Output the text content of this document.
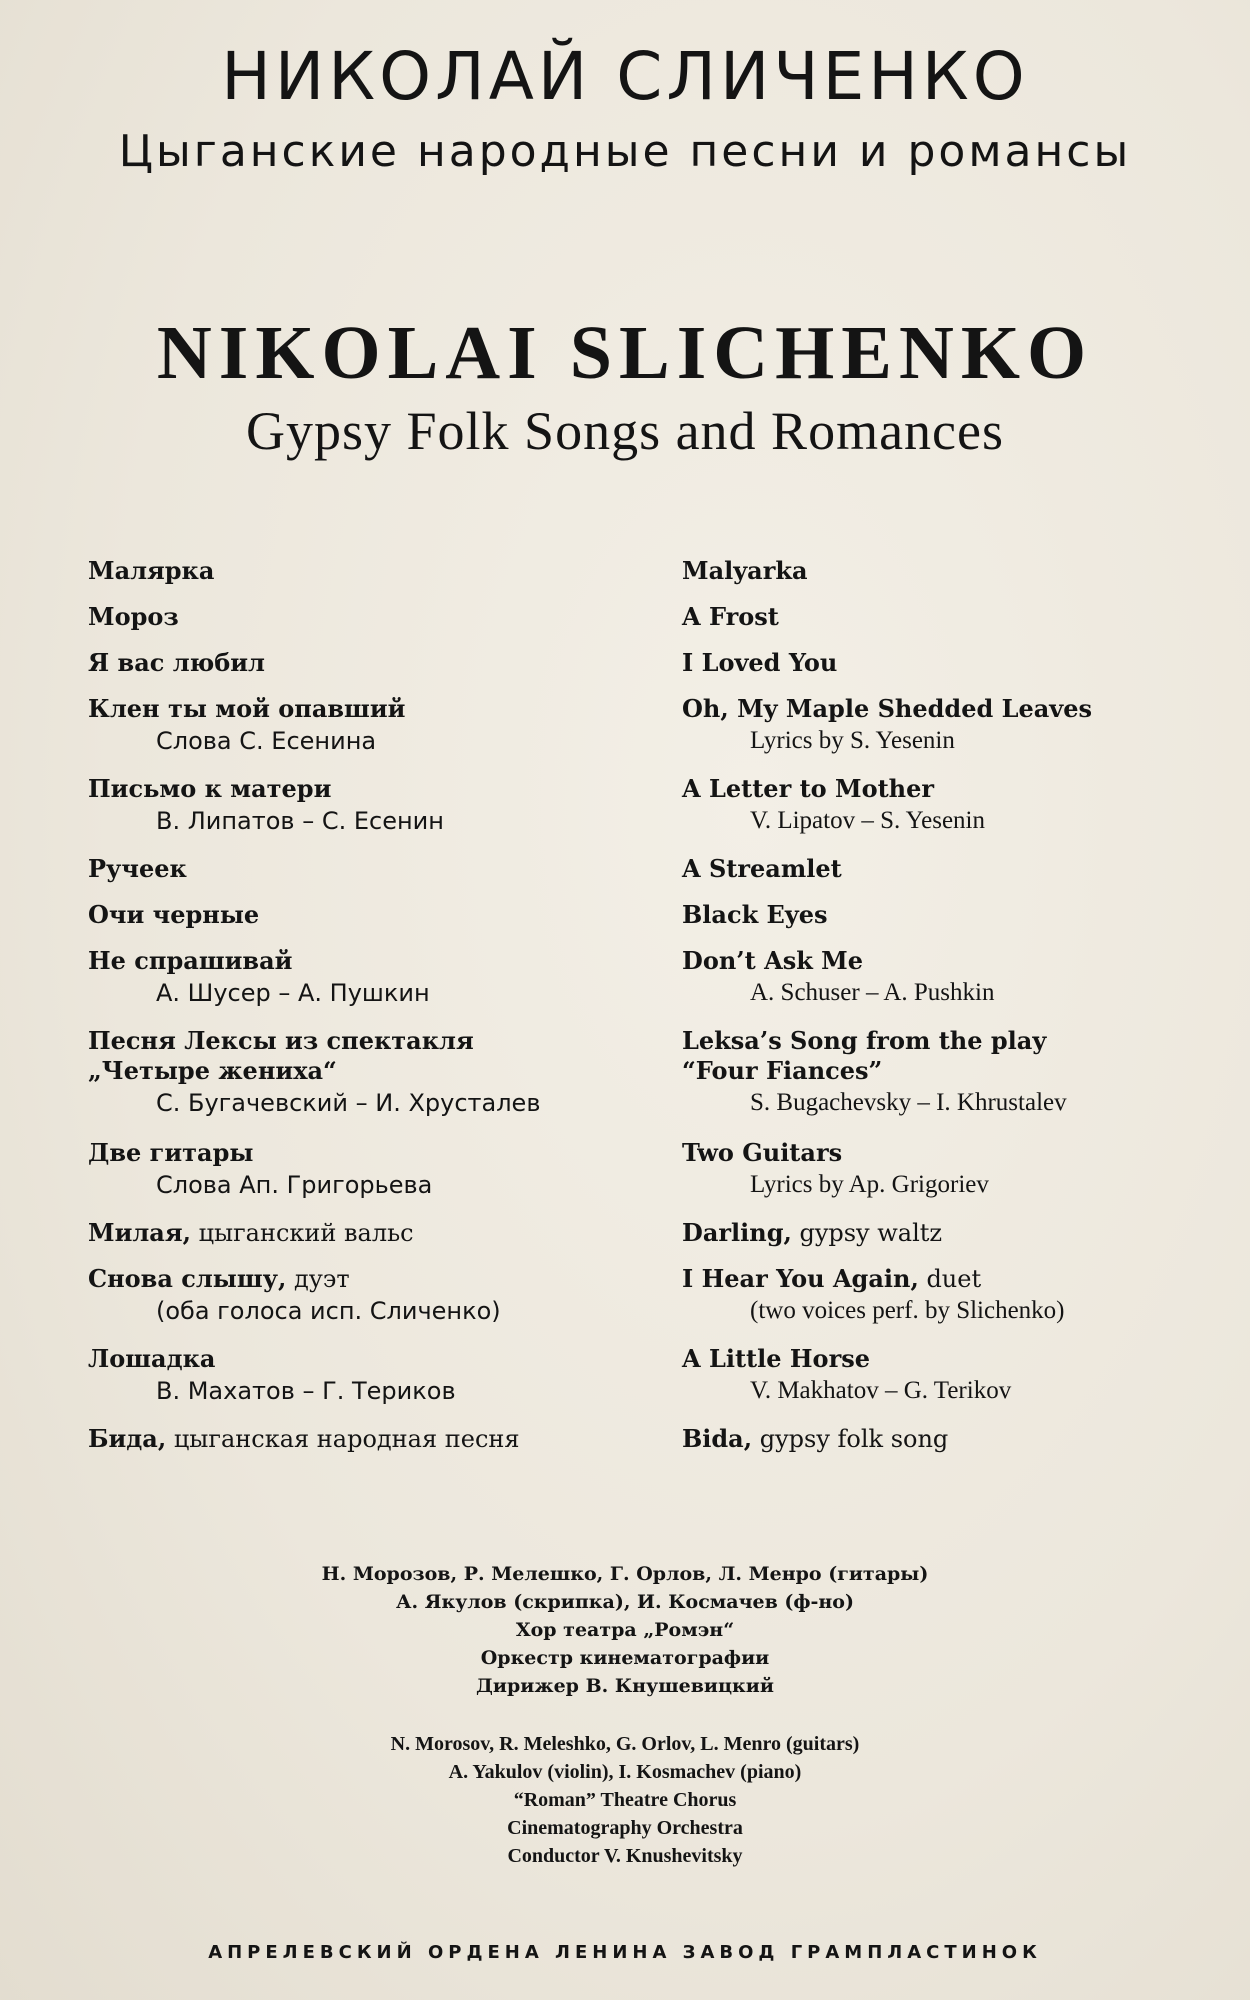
НИКОЛАЙ СЛИЧЕНКО
Цыганские народные песни и романсы
NIKOLAI SLICHENKO
Gypsy Folk Songs and Romances
Малярка
Мороз
Я вас любил
Клен ты мой опавший
Слова С. Есенина
Письмо к матери
В. Липатов – С. Есенин
Ручеек
Очи черные
Не спрашивай
А. Шусер – А. Пушкин
Песня Лексы из спектакля
„Четыре жениха“
С. Бугачевский – И. Хрусталев
Две гитары
Слова Ап. Григорьева
Милая, цыганский вальс
Снова слышу, дуэт
(оба голоса исп. Сличенко)
Лошадка
В. Махатов – Г. Териков
Бида, цыганская народная песня
Malyarka
A Frost
I Loved You
Oh, My Maple Shedded Leaves
Lyrics by S. Yesenin
A Letter to Mother
V. Lipatov – S. Yesenin
A Streamlet
Black Eyes
Don’t Ask Me
A. Schuser – A. Pushkin
Leksa’s Song from the play
“Four Fiances”
S. Bugachevsky – I. Khrustalev
Two Guitars
Lyrics by Ap. Grigoriev
Darling, gypsy waltz
I Hear You Again, duet
(two voices perf. by Slichenko)
A Little Horse
V. Makhatov – G. Terikov
Bida, gypsy folk song
Н. Морозов, Р. Мелешко, Г. Орлов, Л. Менро (гитары)
А. Якулов (скрипка), И. Космачев (ф-но)
Хор театра „Ромэн“
Оркестр кинематографии
Дирижер В. Кнушевицкий
N. Morosov, R. Meleshko, G. Orlov, L. Menro (guitars)
A. Yakulov (violin), I. Kosmachev (piano)
“Roman” Theatre Chorus
Cinematography Orchestra
Conductor V. Knushevitsky
АПРЕЛЕВСКИЙ ОРДЕНА ЛЕНИНА ЗАВОД ГРАМПЛАСТИНОК
